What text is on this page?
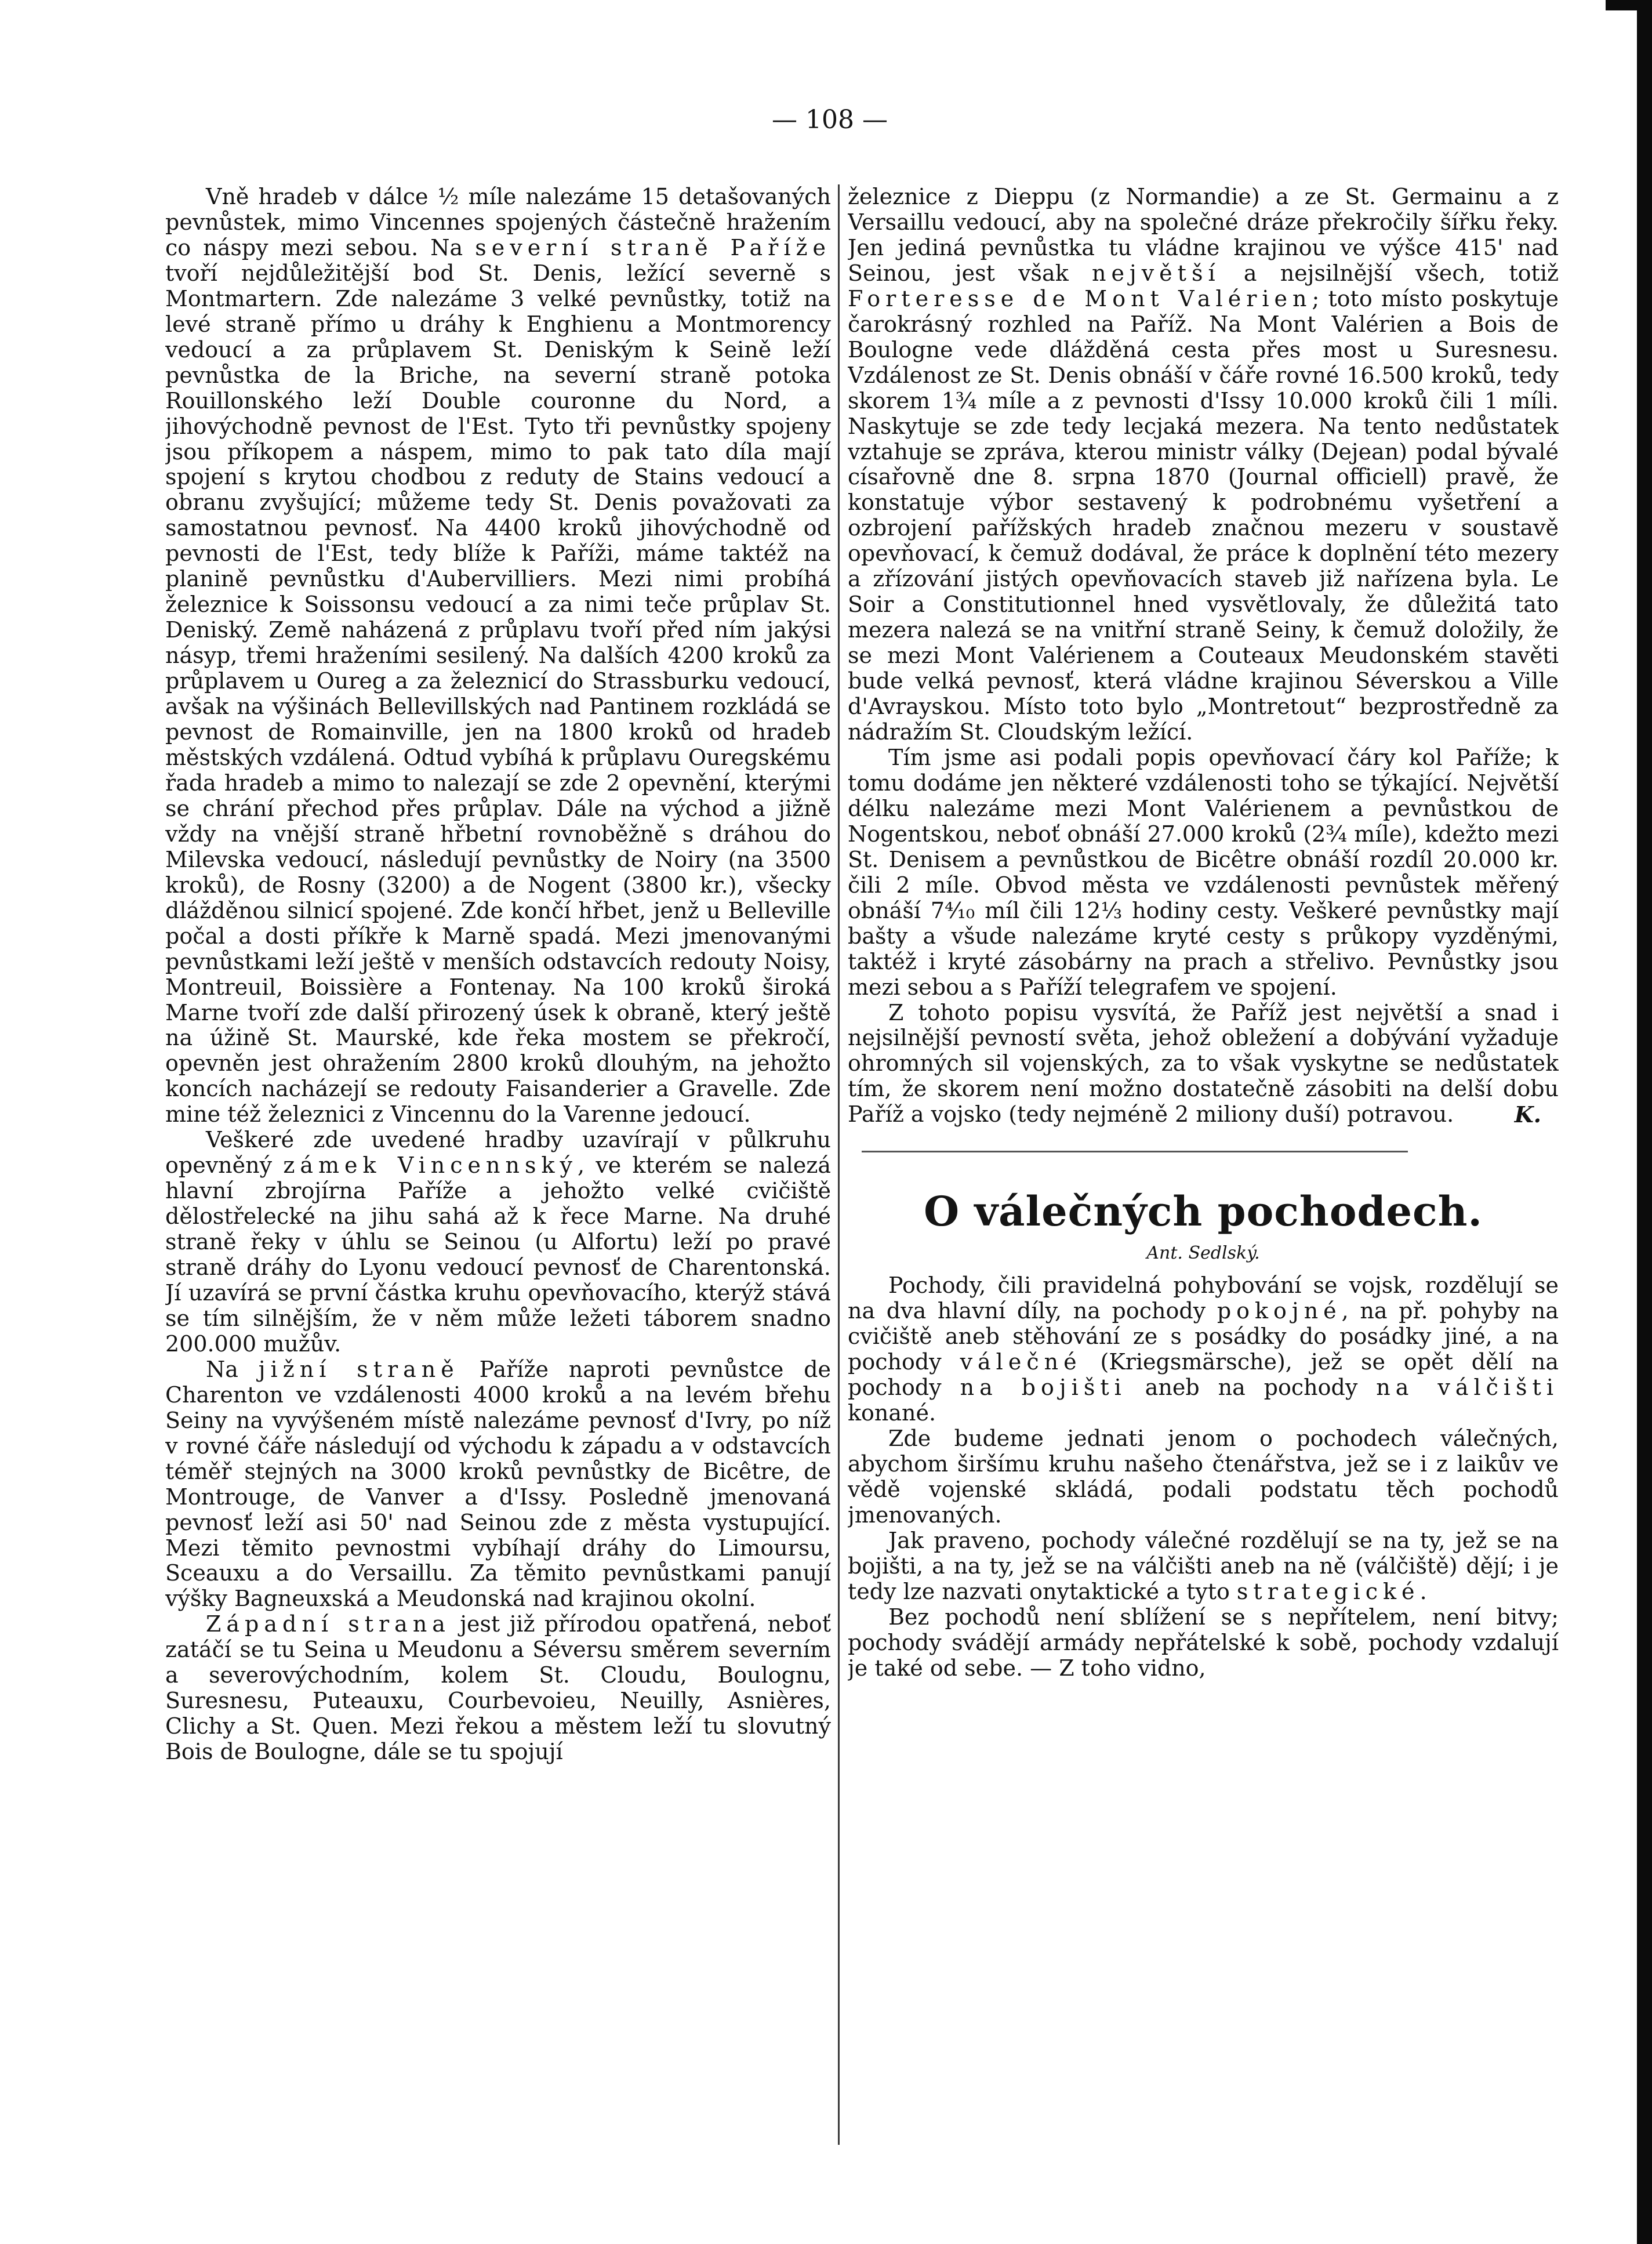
— 108 —

Vně hradeb v dálce ½ míle nalezáme 15 detašovaných pevnůstek, mimo Vincennes spojených částečně hražením co náspy mezi sebou. Na severní straně Paříže tvoří nejdůležitější bod St. Denis, ležící severně s Montmartern. Zde nalezáme 3 velké pevnůstky, totiž na levé straně přímo u dráhy k Enghienu a Montmorency vedoucí a za průplavem St. Deniským k Seině leží pevnůstka de la Briche, na severní straně potoka Rouillonského leží Double couronne du Nord, a jihovýchodně pevnost de l'Est. Tyto tři pevnůstky spojeny jsou příkopem a náspem, mimo to pak tato díla mají spojení s krytou chodbou z reduty de Stains vedoucí a obranu zvyšující; můžeme tedy St. Denis považovati za samostatnou pevnosť. Na 4400 kroků jihovýchodně od pevnosti de l'Est, tedy blíže k Paříži, máme taktéž na planině pevnůstku d'Aubervilliers. Mezi nimi probíhá železnice k Soissonsu vedoucí a za nimi teče průplav St. Deniský. Země naházená z průplavu tvoří před ním jakýsi násyp, třemi hraženími sesilený. Na dalších 4200 kroků za průplavem u Oureg a za železnicí do Strassburku vedoucí, avšak na výšinách Bellevillských nad Pantinem rozkládá se pevnost de Romainville, jen na 1800 kroků od hradeb městských vzdálená. Odtud vybíhá k průplavu Ouregskému řada hradeb a mimo to nalezají se zde 2 opevnění, kterými se chrání přechod přes průplav. Dále na východ a jižně vždy na vnější straně hřbetní rovnoběžně s dráhou do Milevska vedoucí, následují pevnůstky de Noiry (na 3500 kroků), de Rosny (3200) a de Nogent (3800 kr.), všecky dlážděnou silnicí spojené. Zde končí hřbet, jenž u Belleville počal a dosti příkře k Marně spadá. Mezi jmenovanými pevnůstkami leží ještě v menších odstavcích redouty Noisy, Montreuil, Boissière a Fontenay. Na 100 kroků široká Marne tvoří zde další přirozený úsek k obraně, který ještě na úžině St. Maurské, kde řeka mostem se překročí, opevněn jest ohražením 2800 kroků dlouhým, na jehožto koncích nacházejí se redouty Faisanderier a Gravelle. Zde mine též železnici z Vincennu do la Varenne jedoucí.

Veškeré zde uvedené hradby uzavírají v půlkruhu opevněný zámek Vincennský, ve kterém se nalezá hlavní zbrojírna Paříže a jehožto velké cvičiště dělostřelecké na jihu sahá až k řece Marne. Na druhé straně řeky v úhlu se Seinou (u Alfortu) leží po pravé straně dráhy do Lyonu vedoucí pevnosť de Charentonská. Jí uzavírá se první částka kruhu opevňovacího, kterýž stává se tím silnějším, že v něm může ležeti táborem snadno 200.000 mužův.

Na jižní straně Paříže naproti pevnůstce de Charenton ve vzdálenosti 4000 kroků a na levém břehu Seiny na vyvýšeném místě nalezáme pevnosť d'Ivry, po níž v rovné čáře následují od východu k západu a v odstavcích téměř stejných na 3000 kroků pevnůstky de Bicêtre, de Montrouge, de Vanver a d'Issy. Posledně jmenovaná pevnosť leží asi 50' nad Seinou zde z města vystupující. Mezi těmito pevnostmi vybíhají dráhy do Limoursu, Sceauxu a do Versaillu. Za těmito pevnůstkami panují výšky Bagneuxská a Meudonská nad krajinou okolní.

Západní strana jest již přírodou opatřená, neboť zatáčí se tu Seina u Meudonu a Séversu směrem severním a severovýchodním, kolem St. Cloudu, Boulognu, Suresnesu, Puteauxu, Courbevoieu, Neuilly, Asnières, Clichy a St. Quen. Mezi řekou a městem leží tu slovutný Bois de Boulogne, dále se tu spojují

železnice z Dieppu (z Normandie) a ze St. Germainu a z Versaillu vedoucí, aby na společné dráze překročily šířku řeky. Jen jediná pevnůstka tu vládne krajinou ve výšce 415' nad Seinou, jest však největší a nejsilnější všech, totiž Forteresse de Mont Valérien; toto místo poskytuje čarokrásný rozhled na Paříž. Na Mont Valérien a Bois de Boulogne vede dlážděná cesta přes most u Suresnesu. Vzdálenost ze St. Denis obnáší v čáře rovné 16.500 kroků, tedy skorem 1¾ míle a z pevnosti d'Issy 10.000 kroků čili 1 míli. Naskytuje se zde tedy lecjaká mezera. Na tento nedůstatek vztahuje se zpráva, kterou ministr války (Dejean) podal bývalé císařovně dne 8. srpna 1870 (Journal officiell) pravě, že konstatuje výbor sestavený k podrobnému vyšetření a ozbrojení pařížských hradeb značnou mezeru v soustavě opevňovací, k čemuž dodával, že práce k doplnění této mezery a zřízování jistých opevňovacích staveb již nařízena byla. Le Soir a Constitutionnel hned vysvětlovaly, že důležitá tato mezera nalezá se na vnitřní straně Seiny, k čemuž doložily, že se mezi Mont Valérienem a Couteaux Meudonském stavěti bude velká pevnosť, která vládne krajinou Séverskou a Ville d'Avrayskou. Místo toto bylo „Montretout“ bezprostředně za nádražím St. Cloudským ležící.

Tím jsme asi podali popis opevňovací čáry kol Paříže; k tomu dodáme jen některé vzdálenosti toho se týkající. Největší délku nalezáme mezi Mont Valérienem a pevnůstkou de Nogentskou, neboť obnáší 27.000 kroků (2¾ míle), kdežto mezi St. Denisem a pevnůstkou de Bicêtre obnáší rozdíl 20.000 kr. čili 2 míle. Obvod města ve vzdálenosti pevnůstek měřený obnáší 7⁴⁄₁₀ míl čili 12⅓ hodiny cesty. Veškeré pevnůstky mají bašty a všude nalezáme kryté cesty s průkopy vyzděnými, taktéž i kryté zásobárny na prach a střelivo. Pevnůstky jsou mezi sebou a s Paříží telegrafem ve spojení.

Z tohoto popisu vysvítá, že Paříž jest největší a snad i nejsilnější pevností světa, jehož obležení a dobývání vyžaduje ohromných sil vojenských, za to však vyskytne se nedůstatek tím, že skorem není možno dostatečně zásobiti na delší dobu Paříž a vojsko (tedy nejméně 2 miliony duší) potravou.	K.

O válečných pochodech.

Ant. Sedlský.

Pochody, čili pravidelná pohybování se vojsk, rozdělují se na dva hlavní díly, na pochody pokojné, na př. pohyby na cvičiště aneb stěhování ze s posádky do posádky jiné, a na pochody válečné (Kriegsmärsche), jež se opět dělí na pochody na bojišti aneb na pochody na válčišti konané.

Zde budeme jednati jenom o pochodech válečných, abychom širšímu kruhu našeho čtenářstva, jež se i z laikův ve vědě vojenské skládá, podali podstatu těch pochodů jmenovaných.

Jak praveno, pochody válečné rozdělují se na ty, jež se na bojišti, a na ty, jež se na válčišti aneb na ně (válčiště) dějí; i je tedy lze nazvati onytaktické a tyto strategické.

Bez pochodů není sblížení se s nepřítelem, není bitvy; pochody svádějí armády nepřátelské k sobě, pochody vzdalují je také od sebe. — Z toho vidno,
